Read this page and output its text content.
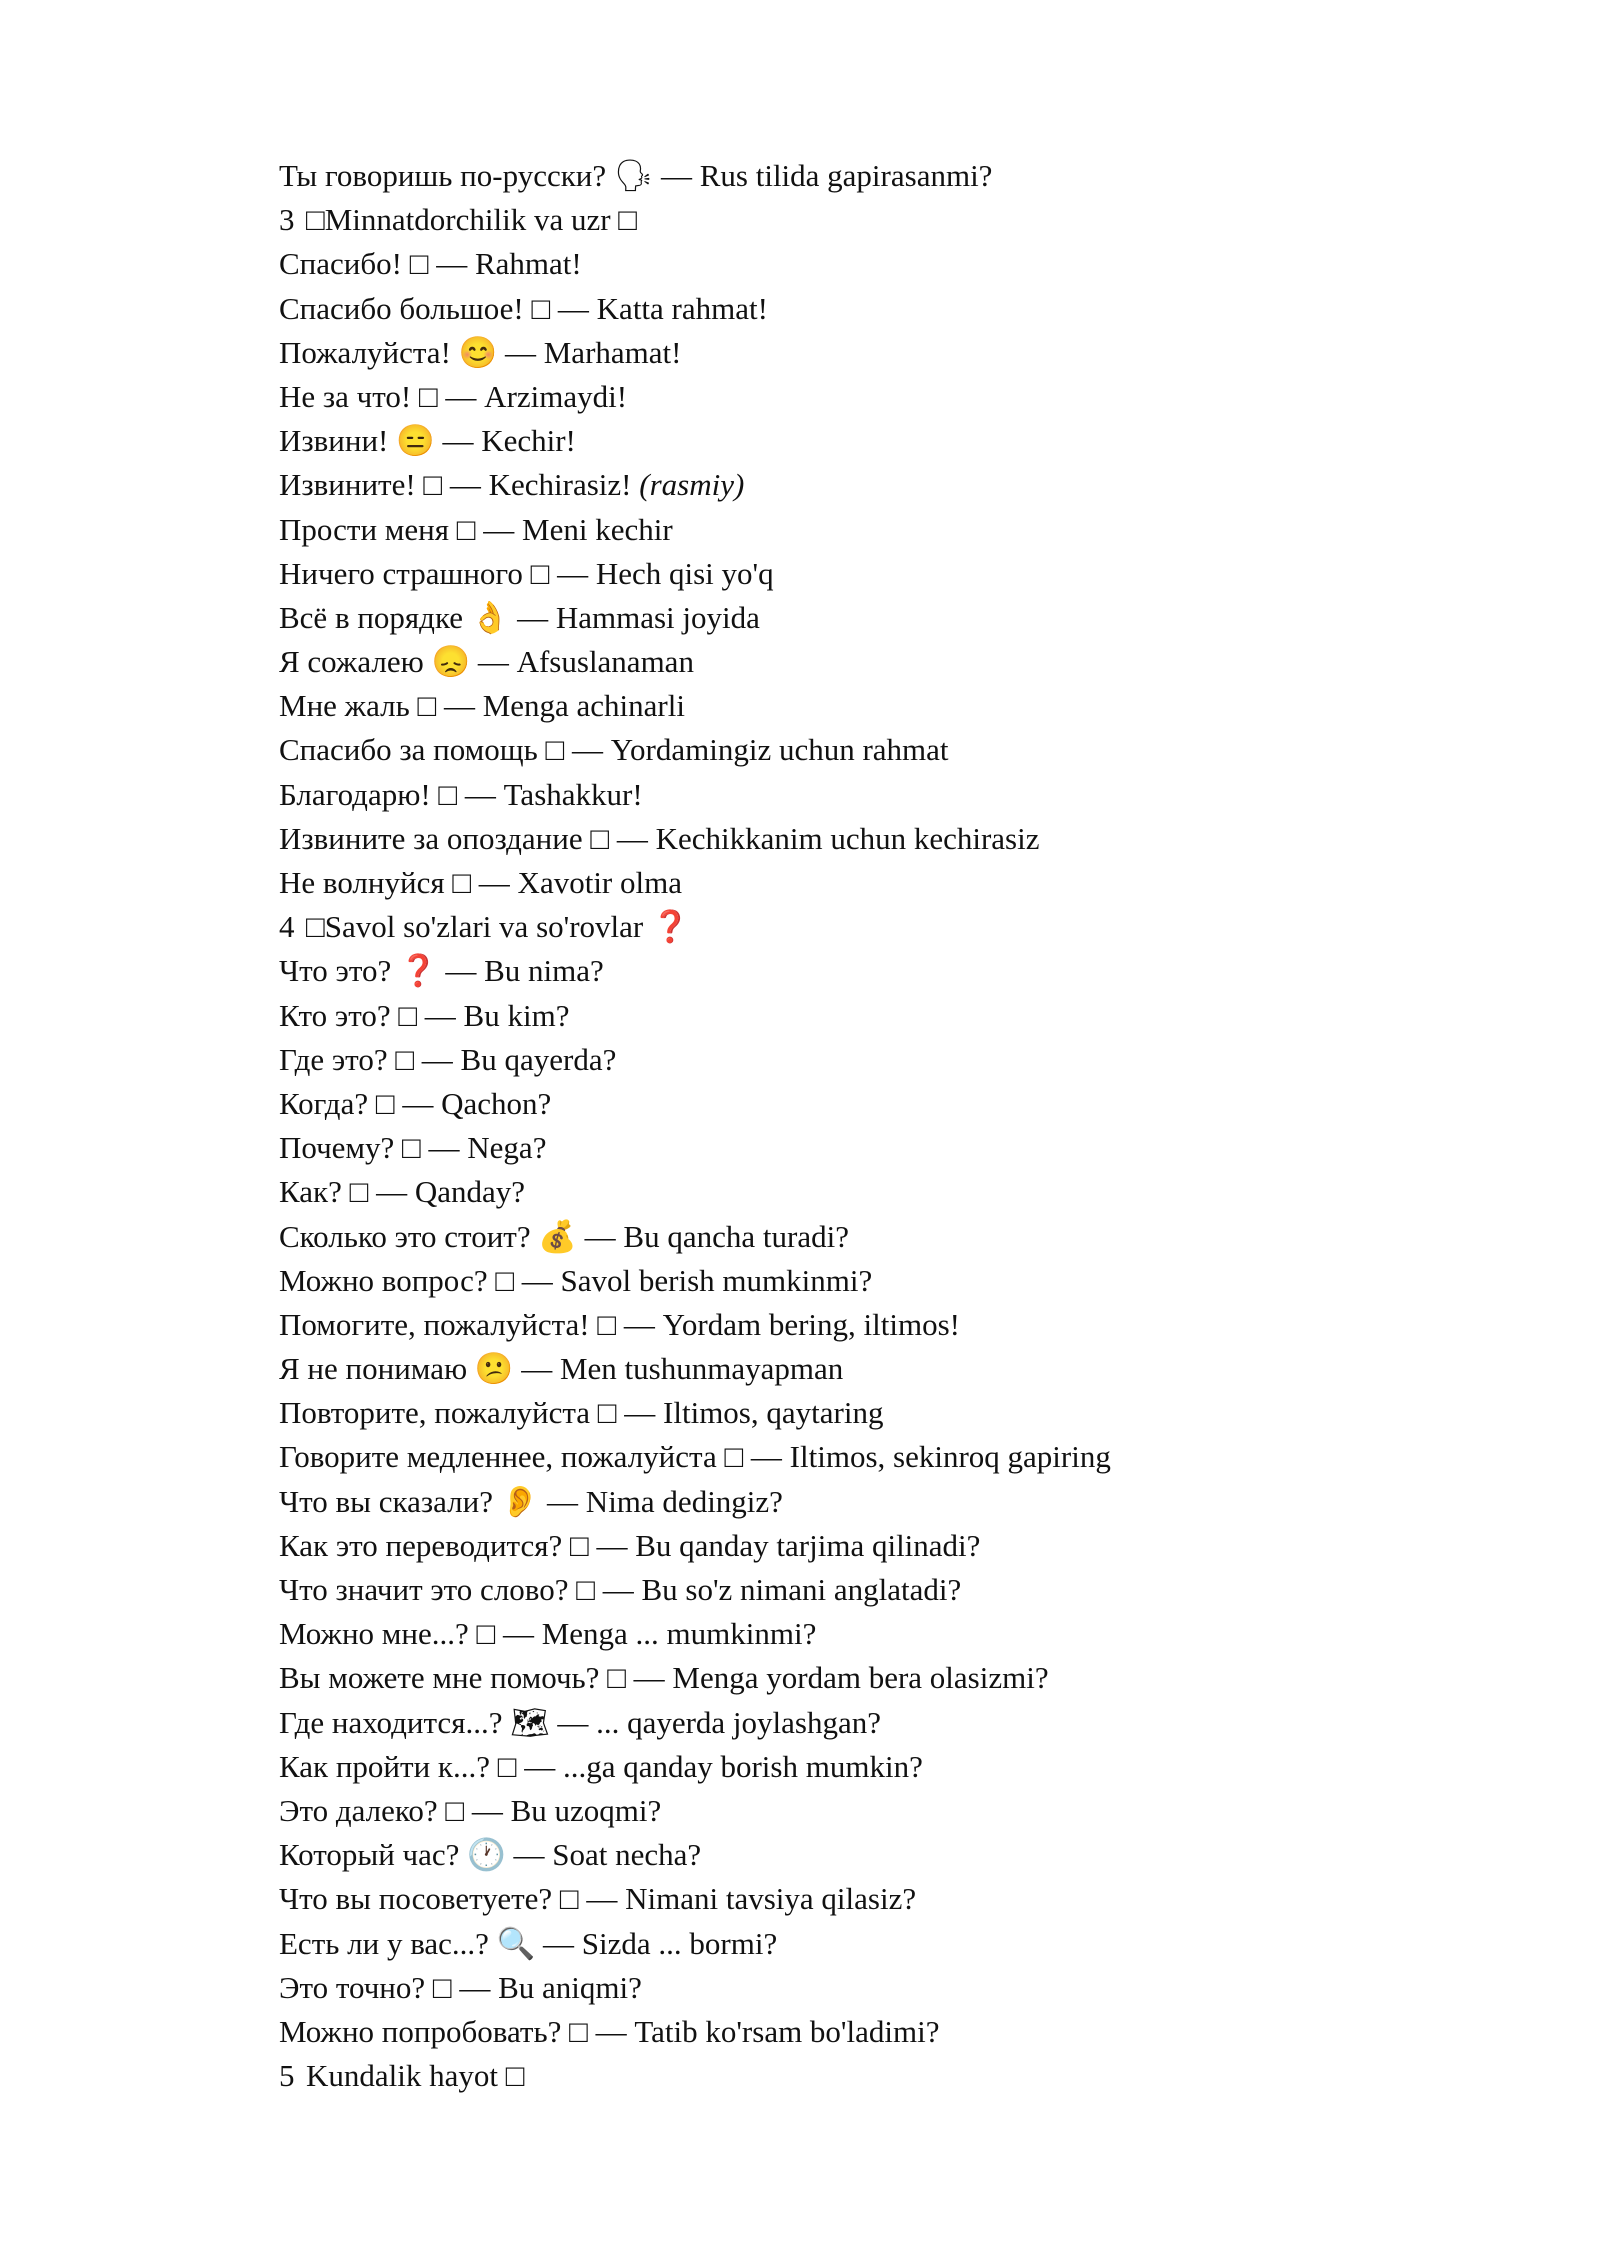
Ты говоришь по-русски? 🗣 — Rus tilida gapirasanmi?
3 □Minnatdorchilik va uzr □
Спасибо! □ — Rahmat!
Спасибо большое! □ — Katta rahmat!
Пожалуйста! 😊 — Marhamat!
Не за что! □ — Arzimaydi!
Извини! 😑 — Kechir!
Извините! □ — Kechirasiz! (rasmiy)
Прости меня □ — Meni kechir
Ничего страшного □ — Hech qisi yo'q
Всё в порядке 👌 — Hammasi joyida
Я сожалею 😞 — Afsuslanaman
Мне жаль □ — Menga achinarli
Спасибо за помощь □ — Yordamingiz uchun rahmat
Благодарю! □ — Tashakkur!
Извините за опоздание □ — Kechikkanim uchun kechirasiz
Не волнуйся □ — Xavotir olma
4 □Savol so'zlari va so'rovlar ❓
Что это? ❓ — Bu nima?
Кто это? □ — Bu kim?
Где это? □ — Bu qayerda?
Когда? □ — Qachon?
Почему? □ — Nega?
Как? □ — Qanday?
Сколько это стоит? 💰 — Bu qancha turadi?
Можно вопрос? □ — Savol berish mumkinmi?
Помогите, пожалуйста! □ — Yordam bering, iltimos!
Я не понимаю 😕 — Men tushunmayapman
Повторите, пожалуйста □ — Iltimos, qaytaring
Говорите медленнее, пожалуйста □ — Iltimos, sekinroq gapiring
Что вы сказали? 👂 — Nima dedingiz?
Как это переводится? □ — Bu qanday tarjima qilinadi?
Что значит это слово? □ — Bu so'z nimani anglatadi?
Можно мне...? □ — Menga ... mumkinmi?
Вы можете мне помочь? □ — Menga yordam bera olasizmi?
Где находится...? 🗺 — ... qayerda joylashgan?
Как пройти к...? □ — ...ga qanday borish mumkin?
Это далеко? □ — Bu uzoqmi?
Который час? 🕐 — Soat necha?
Что вы посоветуете? □ — Nimani tavsiya qilasiz?
Есть ли у вас...? 🔍 — Sizda ... bormi?
Это точно? □ — Bu aniqmi?
Можно попробовать? □ — Tatib ko'rsam bo'ladimi?
5 Kundalik hayot □
